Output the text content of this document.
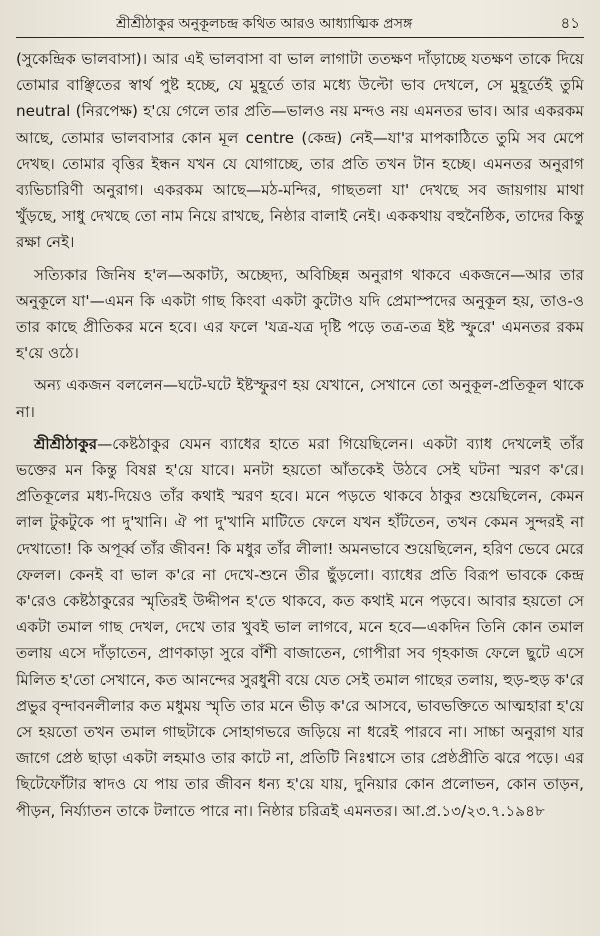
শ্রীশ্রীঠাকুর অনুকূলচন্দ্র কথিত আরও আধ্যাত্মিক প্রসঙ্গ	৪১

(সুকেন্দ্রিক ভালবাসা)। আর এই ভালবাসা বা ভাল লাগাটা ততক্ষণ দাঁড়াচ্ছে যতক্ষণ তাকে দিয়ে তোমার বাঞ্ছিতের স্বার্থ পুষ্ট হচ্ছে, যে মুহূর্তে তার মধ্যে উল্টো ভাব দেখলে, সে মুহূর্তেই তুমি neutral (নিরপেক্ষ) হ'য়ে গেলে তার প্রতি—ভালও নয় মন্দও নয় এমনতর ভাব। আর একরকম আছে, তোমার ভালবাসার কোন মূল centre (কেন্দ্র) নেই—যা'র মাপকাঠিতে তুমি সব মেপে দেখছ। তোমার বৃত্তির ইন্ধন যখন যে যোগাচ্ছে, তার প্রতি তখন টান হচ্ছে। এমনতর অনুরাগ ব্যভিচারিণী অনুরাগ। একরকম আছে—মঠ-মন্দির, গাছতলা যা' দেখছে সব জায়গায় মাথা খুঁড়ছে, সাধু দেখছে তো নাম নিয়ে রাখছে, নিষ্ঠার বালাই নেই। এককথায় বহুনৈষ্ঠিক, তাদের কিন্তু রক্ষা নেই।

সত্যিকার জিনিষ হ'ল—অকাট্য, অচ্ছেদ্য, অবিচ্ছিন্ন অনুরাগ থাকবে একজনে—আর তার অনুকূলে যা'—এমন কি একটা গাছ কিংবা একটা কুটোও যদি প্রেমাস্পদের অনুকূল হয়, তাও-ও তার কাছে প্রীতিকর মনে হবে। এর ফলে 'যত্র-যত্র দৃষ্টি পড়ে তত্র-তত্র ইষ্ট স্ফুরে' এমনতর রকম হ'য়ে ওঠে।

অন্য একজন বললেন—ঘটে-ঘটে ইষ্টস্ফুরণ হয় যেখানে, সেখানে তো অনুকূল-প্রতিকূল থাকে না।

শ্রীশ্রীঠাকুর—কেষ্টঠাকুর যেমন ব্যাধের হাতে মরা গিয়েছিলেন। একটা ব্যাধ দেখলেই তাঁর ভক্তের মন কিন্তু বিষণ্ণ হ'য়ে যাবে। মনটা হয়তো আঁতকেই উঠবে সেই ঘটনা স্মরণ ক'রে। প্রতিকূলের মধ্য-দিয়েও তাঁর কথাই স্মরণ হবে। মনে পড়তে থাকবে ঠাকুর শুয়েছিলেন, কেমন লাল টুকটুকে পা দু'খানি। ঐ পা দু'খানি মাটিতে ফেলে যখন হাঁটতেন, তখন কেমন সুন্দরই না দেখাতো! কি অপূর্ব্ব তাঁর জীবন! কি মধুর তাঁর লীলা! অমনভাবে শুয়েছিলেন, হরিণ ভেবে মেরে ফেলল। কেনই বা ভাল ক'রে না দেখে-শুনে তীর ছুঁড়লো। ব্যাধের প্রতি বিরূপ ভাবকে কেন্দ্র ক'রেও কেষ্টঠাকুরের স্মৃতিরই উদ্দীপন হ'তে থাকবে, কত কথাই মনে পড়বে। আবার হয়তো সে একটা তমাল গাছ দেখল, দেখে তার খুবই ভাল লাগবে, মনে হবে—একদিন তিনি কোন তমাল তলায় এসে দাঁড়াতেন, প্রাণকাড়া সুরে বাঁশী বাজাতেন, গোপীরা সব গৃহকাজ ফেলে ছুটে এসে মিলিত হ'তো সেখানে, কত আনন্দের সুরধুনী বয়ে যেত সেই তমাল গাছের তলায়, হুড়-হুড় ক'রে প্রভুর বৃন্দাবনলীলার কত মধুময় স্মৃতি তার মনে ভীড় ক'রে আসবে, ভাবভক্তিতে আত্মহারা হ'য়ে সে হয়তো তখন তমাল গাছটাকে সোহাগভরে জড়িয়ে না ধরেই পারবে না। সাচ্চা অনুরাগ যার জাগে প্রেষ্ঠ ছাড়া একটা লহমাও তার কাটে না, প্রতিটি নিঃশ্বাসে তার প্রেষ্ঠপ্রীতি ঝরে পড়ে। এর ছিটেফোঁটার স্বাদও যে পায় তার জীবন ধন্য হ'য়ে যায়, দুনিয়ার কোন প্রলোভন, কোন তাড়ন, পীড়ন, নির্য্যাতন তাকে টলাতে পারে না। নিষ্ঠার চরিত্রই এমনতর। আ.প্র.১৩/২৩.৭.১৯৪৮
